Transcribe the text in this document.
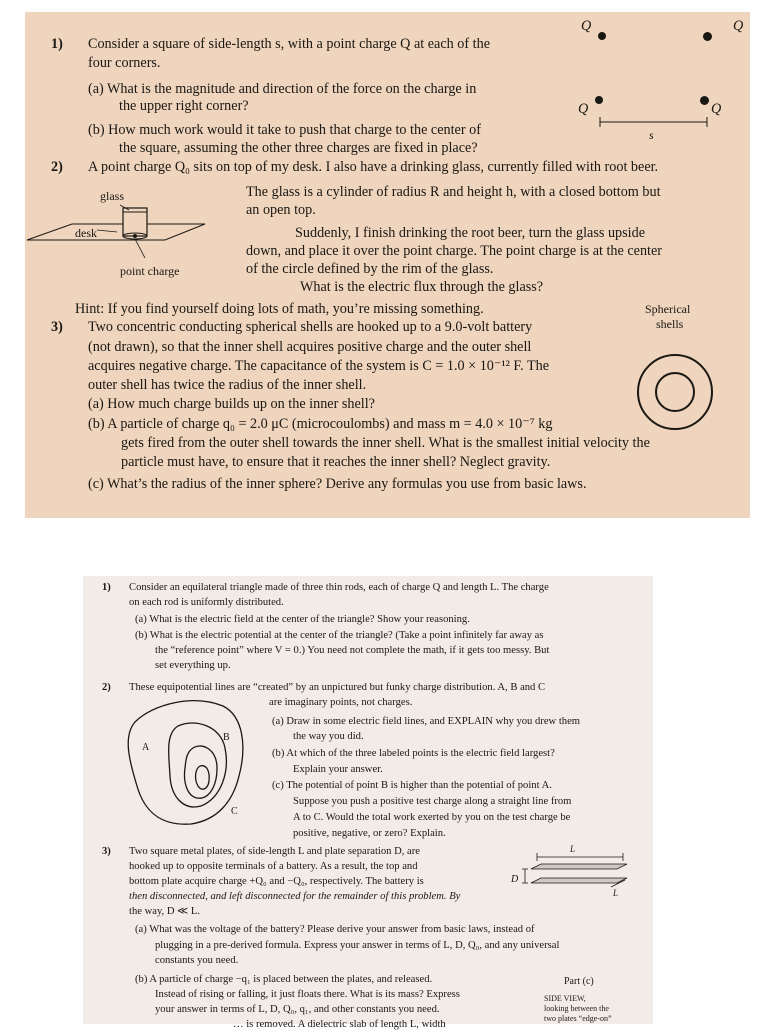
1) Consider a square of side-length s, with a point charge Q at each of the
four corners.
(a) What is the magnitude and direction of the force on the charge in
the upper right corner?
(b) How much work would it take to push that charge to the center of
the square, assuming the other three charges are fixed in place?
Q	Q
Q	Q
s
2) A point charge Q₀ sits on top of my desk. I also have a drinking glass, currently filled with root beer.
The glass is a cylinder of radius R and height h, with a closed bottom but
an open top.
Suddenly, I finish drinking the root beer, turn the glass upside
down, and place it over the point charge. The point charge is at the center
of the circle defined by the rim of the glass.
What is the electric flux through the glass?
Hint: If you find yourself doing lots of math, you’re missing something.
glass
desk
point charge
3) Two concentric conducting spherical shells are hooked up to a 9.0-volt battery
(not drawn), so that the inner shell acquires positive charge and the outer shell
acquires negative charge. The capacitance of the system is C = 1.0 × 10⁻¹² F. The
outer shell has twice the radius of the inner shell.
(a) How much charge builds up on the inner shell?
(b) A particle of charge q₀ = 2.0 μC (microcoulombs) and mass m = 4.0 × 10⁻⁷ kg
gets fired from the outer shell towards the inner shell. What is the smallest initial velocity the
particle must have, to ensure that it reaches the inner shell? Neglect gravity.
(c) What’s the radius of the inner sphere? Derive any formulas you use from basic laws.
Spherical
shells
1) Consider an equilateral triangle made of three thin rods, each of charge Q and length L. The charge
on each rod is uniformly distributed.
(a) What is the electric field at the center of the triangle? Show your reasoning.
(b) What is the electric potential at the center of the triangle? (Take a point infinitely far away as
the “reference point” where V = 0.) You need not complete the math, if it gets too messy. But
set everything up.
2) These equipotential lines are “created” by an unpictured but funky charge distribution. A, B and C
are imaginary points, not charges.
(a) Draw in some electric field lines, and EXPLAIN why you drew them
the way you did.
(b) At which of the three labeled points is the electric field largest?
Explain your answer.
(c) The potential of point B is higher than the potential of point A.
Suppose you push a positive test charge along a straight line from
A to C. Would the total work exerted by you on the test charge be
positive, negative, or zero? Explain.
A
B
C
3) Two square metal plates, of side-length L and plate separation D, are
hooked up to opposite terminals of a battery. As a result, the top and
bottom plate acquire charge +Q₀ and −Q₀, respectively. The battery is
then disconnected, and left disconnected for the remainder of this problem. By
the way, D ≪ L.
(a) What was the voltage of the battery? Please derive your answer from basic laws, instead of
plugging in a pre-derived formula. Express your answer in terms of L, D, Q₀, and any universal
constants you need.
(b) A particle of charge −q₁ is placed between the plates, and released.
Instead of rising or falling, it just floats there. What is its mass? Express
your answer in terms of L, D, Q₀, q₁, and other constants you need.
… is removed. A dielectric slab of length L, width
L
D
L
Part (c)
SIDE VIEW,
looking between the
two plates “edge-on”
